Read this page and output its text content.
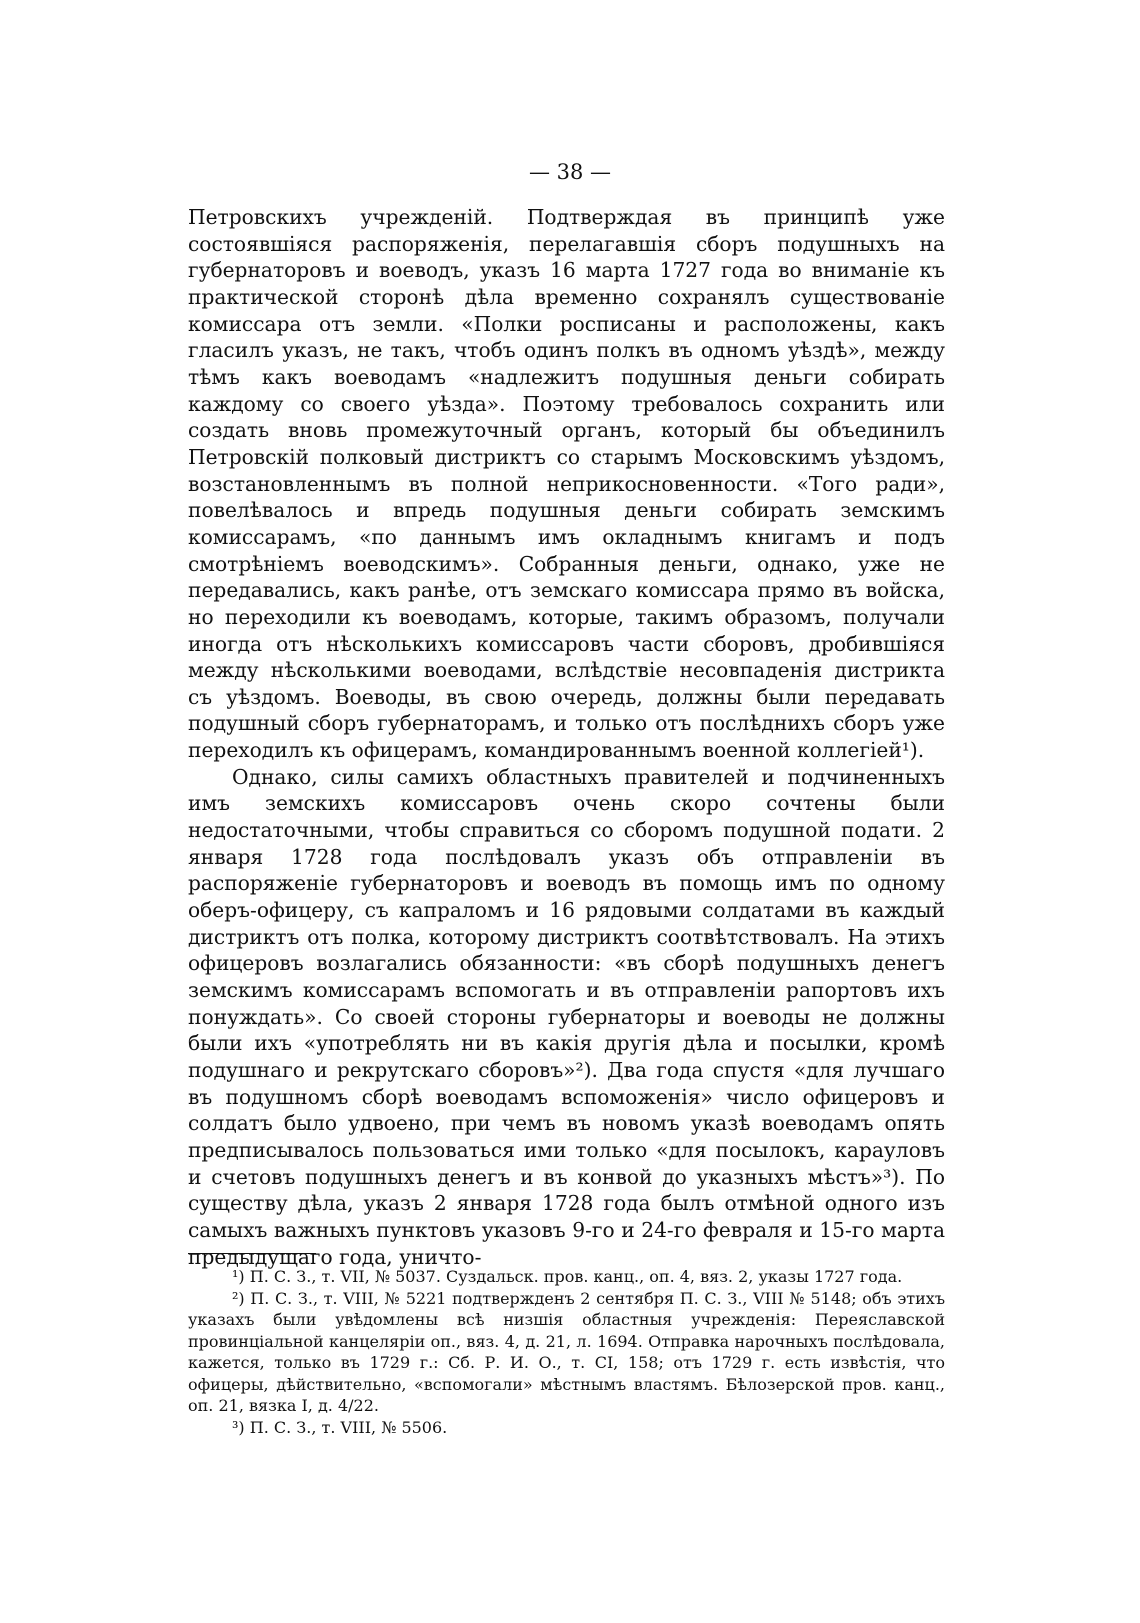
— 38 —

Петровскихъ учрежденій. Подтверждая въ принципѣ уже состоявшіяся распоряженія, перелагавшія сборъ подушныхъ на губернаторовъ и воеводъ, указъ 16 марта 1727 года во вниманіе къ практической сторонѣ дѣла временно сохранялъ существованіе комиссара отъ земли. «Полки росписаны и расположены, какъ гласилъ указъ, не такъ, чтобъ одинъ полкъ въ одномъ уѣздѣ», между тѣмъ какъ воеводамъ «надлежитъ подушныя деньги собирать каждому со своего уѣзда». Поэтому требовалось сохранить или создать вновь промежуточный органъ, который бы объединилъ Петровскій полковый дистриктъ со старымъ Московскимъ уѣздомъ, возстановленнымъ въ полной неприкосновенности. «Того ради», повелѣвалось и впредь подушныя деньги собирать земскимъ комиссарамъ, «по даннымъ имъ окладнымъ книгамъ и подъ смотрѣніемъ воеводскимъ». Собранныя деньги, однако, уже не передавались, какъ ранѣе, отъ земскаго комиссара прямо въ войска, но переходили къ воеводамъ, которые, такимъ образомъ, получали иногда отъ нѣсколькихъ комиссаровъ части сборовъ, дробившіяся между нѣсколькими воеводами, вслѣдствіе несовпаденія дистрикта съ уѣздомъ. Воеводы, въ свою очередь, должны были передавать подушный сборъ губернаторамъ, и только отъ послѣднихъ сборъ уже переходилъ къ офицерамъ, командированнымъ военной коллегіей¹).

Однако, силы самихъ областныхъ правителей и подчиненныхъ имъ земскихъ комиссаровъ очень скоро сочтены были недостаточными, чтобы справиться со сборомъ подушной подати. 2 января 1728 года послѣдовалъ указъ объ отправленіи въ распоряженіе губернаторовъ и воеводъ въ помощь имъ по одному оберъ-офицеру, съ капраломъ и 16 рядовыми солдатами въ каждый дистриктъ отъ полка, которому дистриктъ соотвѣтствовалъ. На этихъ офицеровъ возлагались обязанности: «въ сборѣ подушныхъ денегъ земскимъ комиссарамъ вспомогать и въ отправленіи рапортовъ ихъ понуждать». Со своей стороны губернаторы и воеводы не должны были ихъ «употреблять ни въ какія другія дѣла и посылки, кромѣ подушнаго и рекрутскаго сборовъ»²). Два года спустя «для лучшаго въ подушномъ сборѣ воеводамъ вспоможенія» число офицеровъ и солдатъ было удвоено, при чемъ въ новомъ указѣ воеводамъ опять предписывалось пользоваться ими только «для посылокъ, карауловъ и счетовъ подушныхъ денегъ и въ конвой до указныхъ мѣстъ»³). По существу дѣла, указъ 2 января 1728 года былъ отмѣной одного изъ самыхъ важныхъ пунктовъ указовъ 9-го и 24-го февраля и 15-го марта предыдущаго года, уничто-

¹) П. С. З., т. VII, № 5037. Суздальск. пров. канц., оп. 4, вяз. 2, указы 1727 года.

²) П. С. З., т. VIII, № 5221 подтвержденъ 2 сентября П. С. З., VIII № 5148; объ этихъ указахъ были увѣдомлены всѣ низшія областныя учрежденія: Переяславской провинціальной канцеляріи оп., вяз. 4, д. 21, л. 1694. Отправка нарочныхъ послѣдовала, кажется, только въ 1729 г.: Сб. Р. И. О., т. CI, 158; отъ 1729 г. есть извѣстія, что офицеры, дѣйствительно, «вспомогали» мѣстнымъ властямъ. Бѣлозерской пров. канц., оп. 21, вязка I, д. 4/22.

³) П. С. З., т. VIII, № 5506.
